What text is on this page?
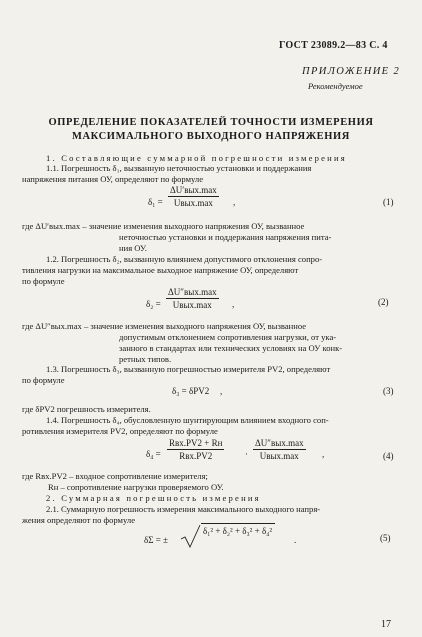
ГОСТ 23089.2—83 С. 4
ПРИЛОЖЕНИЕ 2
Рекомендуемое
ОПРЕДЕЛЕНИЕ ПОКАЗАТЕЛЕЙ ТОЧНОСТИ ИЗМЕРЕНИЯ
МАКСИМАЛЬНОГО ВЫХОДНОГО НАПРЯЖЕНИЯ
1. Составляющие суммарной погрешности измерения
1.1. Погрешность δ₁, вызванную неточностью установки и поддержания
напряжения питания ОУ, определяют по формуле
δ₁ =
ΔU′вых.max
Uвых.max ,	(1)
где ΔU′вых.max – значение изменения выходного напряжения ОУ, вызванное
неточностью установки и поддержания напряжения пита-
ния ОУ.
1.2. Погрешность δ₂, вызванную влиянием допустимого отклонения сопро-
тивления нагрузки на максимальное выходное напряжение ОУ, определяют
по формуле
δ₂ =
ΔU″вых.max
Uвых.max ,	(2)
где ΔU″вых.max – значение изменения выходного напряжения ОУ, вызванное
допустимым отклонением сопротивления нагрузки, от ука-
занного в стандартах или технических условиях на ОУ конк-
ретных типов.
1.3. Погрешность δ₃, вызванную погрешностью измерителя PV2, определяют
по формуле
δ₃ = δPV2 ,	(3)
где δPV2 погрешность измерителя.
1.4. Погрешность δ₄, обусловленную шунтирующим влиянием входного соп-
ротивления измерителя PV2, определяют по формуле
δ₄ =
Rвх.PV2 + Rн
Rвх.PV2	·
ΔU″вых.max
Uвых.max	,	(4)
где Rвх.PV2 – входное сопротивление измерителя;
Rн – сопротивление нагрузки проверяемого ОУ.
2. Суммарная погрешность измерения
2.1. Суммарную погрешность измерения максимального выходного напря-
жения определяют по формуле
δΣ = ±
δ₁² + δ₂² + δ₃² + δ₄²
.	(5)
17
